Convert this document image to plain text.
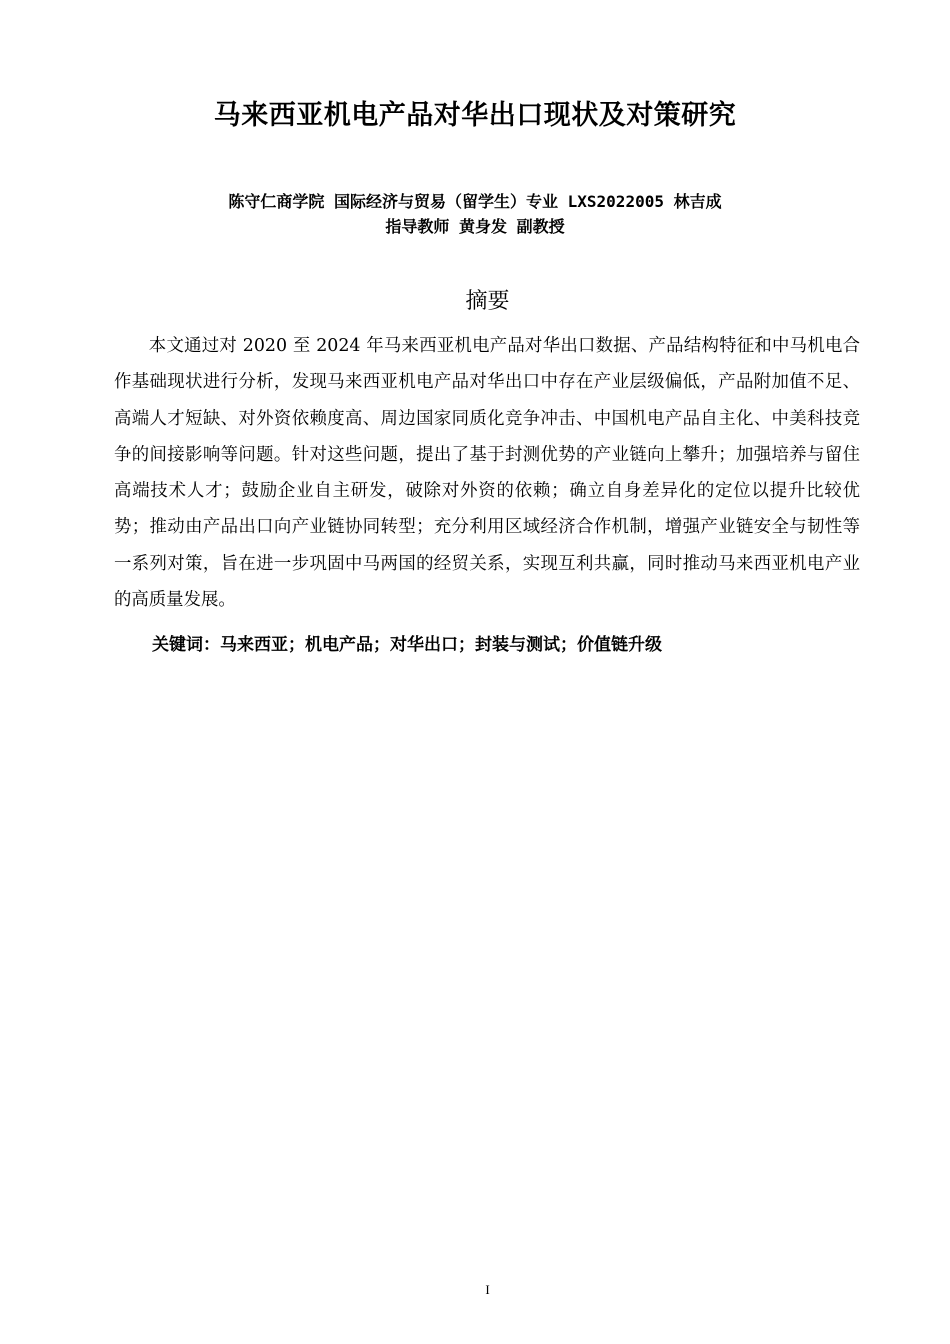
马来西亚机电产品对华出口现状及对策研究
陈守仁商学院 国际经济与贸易（留学生）专业 LXS2022005 林吉成
指导教师 黄身发 副教授
摘要

本文通过对 2020 至 2024 年马来西亚机电产品对华出口数据、产品结构特征和中马机电合作基础现状进行分析，发现马来西亚机电产品对华出口中存在产业层级偏低，产品附加值不足、高端人才短缺、对外资依赖度高、周边国家同质化竞争冲击、中国机电产品自主化、中美科技竞争的间接影响等问题。针对这些问题，提出了基于封测优势的产业链向上攀升；加强培养与留住高端技术人才；鼓励企业自主研发，破除对外资的依赖；确立自身差异化的定位以提升比较优势；推动由产品出口向产业链协同转型；充分利用区域经济合作机制，增强产业链安全与韧性等一系列对策，旨在进一步巩固中马两国的经贸关系，实现互利共赢，同时推动马来西亚机电产业的高质量发展。

关键词：马来西亚；机电产品；对华出口；封装与测试；价值链升级
I
